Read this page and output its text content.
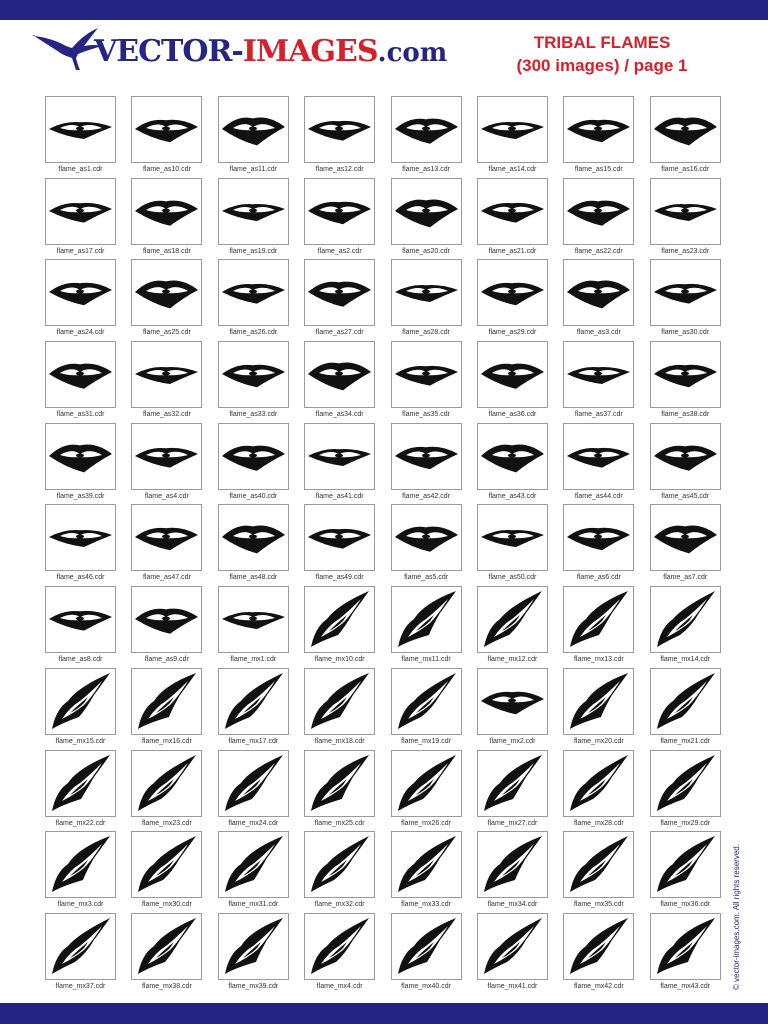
VECTOR-IMAGES.com	TRIBAL FLAMES
(300 images) / page 1
flame_as1.cdr	flame_as10.cdr	flame_as11.cdr	flame_as12.cdr	flame_as13.cdr	flame_as14.cdr	flame_as15.cdr	flame_as16.cdr
flame_as17.cdr	flame_as18.cdr	flame_as19.cdr	flame_as2.cdr	flame_as20.cdr	flame_as21.cdr	flame_as22.cdr	flame_as23.cdr
flame_as24.cdr	flame_as25.cdr	flame_as26.cdr	flame_as27.cdr	flame_as28.cdr	flame_as29.cdr	flame_as3.cdr	flame_as30.cdr
flame_as31.cdr	flame_as32.cdr	flame_as33.cdr	flame_as34.cdr	flame_as35.cdr	flame_as36.cdr	flame_as37.cdr	flame_as38.cdr
flame_as39.cdr	flame_as4.cdr	flame_as40.cdr	flame_as41.cdr	flame_as42.cdr	flame_as43.cdr	flame_as44.cdr	flame_as45.cdr
flame_as46.cdr	flame_as47.cdr	flame_as48.cdr	flame_as49.cdr	flame_as5.cdr	flame_as50.cdr	flame_as6.cdr	flame_as7.cdr
flame_as8.cdr	flame_as9.cdr	flame_mx1.cdr	flame_mx10.cdr	flame_mx11.cdr	flame_mx12.cdr	flame_mx13.cdr	flame_mx14.cdr
flame_mx15.cdr	flame_mx16.cdr	flame_mx17.cdr	flame_mx18.cdr	flame_mx19.cdr	flame_mx2.cdr	flame_mx20.cdr	flame_mx21.cdr
flame_mx22.cdr	flame_mx23.cdr	flame_mx24.cdr	flame_mx25.cdr	flame_mx26.cdr	flame_mx27.cdr	flame_mx28.cdr	flame_mx29.cdr
flame_mx3.cdr	flame_mx30.cdr	flame_mx31.cdr	flame_mx32.cdr	flame_mx33.cdr	flame_mx34.cdr	flame_mx35.cdr	flame_mx36.cdr
flame_mx37.cdr	flame_mx38.cdr	flame_mx39.cdr	flame_mx4.cdr	flame_mx40.cdr	flame_mx41.cdr	flame_mx42.cdr	flame_mx43.cdr	© vector-images.com. All rights reserved.
